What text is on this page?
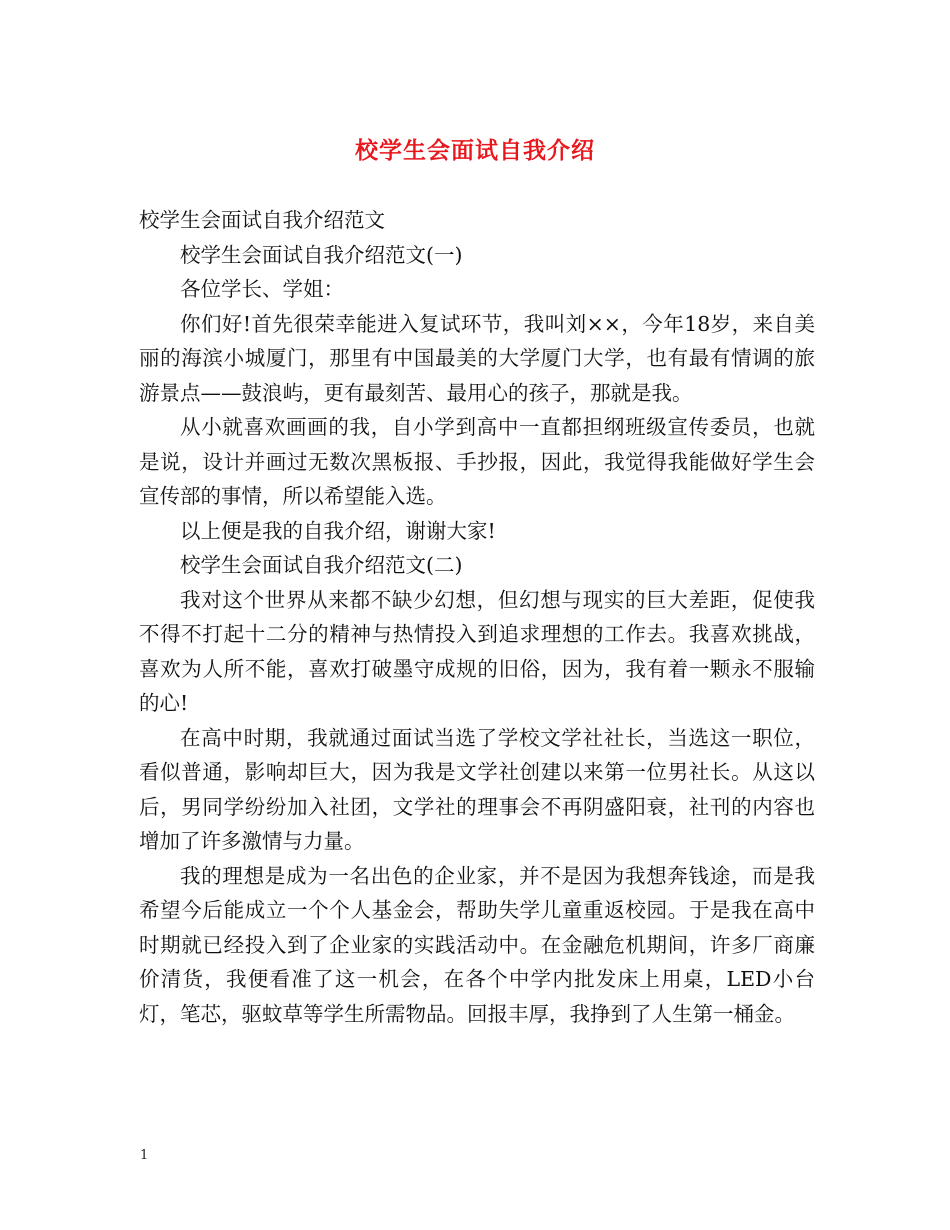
校学生会面试自我介绍

校学生会面试自我介绍范文

校学生会面试自我介绍范文(一)

各位学长、学姐：

你们好!首先很荣幸能进入复试环节，我叫刘××，今年18岁，来自美丽的海滨小城厦门，那里有中国最美的大学厦门大学，也有最有情调的旅游景点——鼓浪屿，更有最刻苦、最用心的孩子，那就是我。

从小就喜欢画画的我，自小学到高中一直都担纲班级宣传委员，也就是说，设计并画过无数次黑板报、手抄报，因此，我觉得我能做好学生会宣传部的事情，所以希望能入选。

以上便是我的自我介绍，谢谢大家!

校学生会面试自我介绍范文(二)

我对这个世界从来都不缺少幻想，但幻想与现实的巨大差距，促使我不得不打起十二分的精神与热情投入到追求理想的工作去。我喜欢挑战，喜欢为人所不能，喜欢打破墨守成规的旧俗，因为，我有着一颗永不服输的心!

在高中时期，我就通过面试当选了学校文学社社长，当选这一职位，看似普通，影响却巨大，因为我是文学社创建以来第一位男社长。从这以后，男同学纷纷加入社团，文学社的理事会不再阴盛阳衰，社刊的内容也增加了许多激情与力量。

我的理想是成为一名出色的企业家，并不是因为我想奔钱途，而是我希望今后能成立一个个人基金会，帮助失学儿童重返校园。于是我在高中时期就已经投入到了企业家的实践活动中。在金融危机期间，许多厂商廉价清货，我便看准了这一机会，在各个中学内批发床上用桌，LED小台灯，笔芯，驱蚊草等学生所需物品。回报丰厚，我挣到了人生第一桶金。

1
